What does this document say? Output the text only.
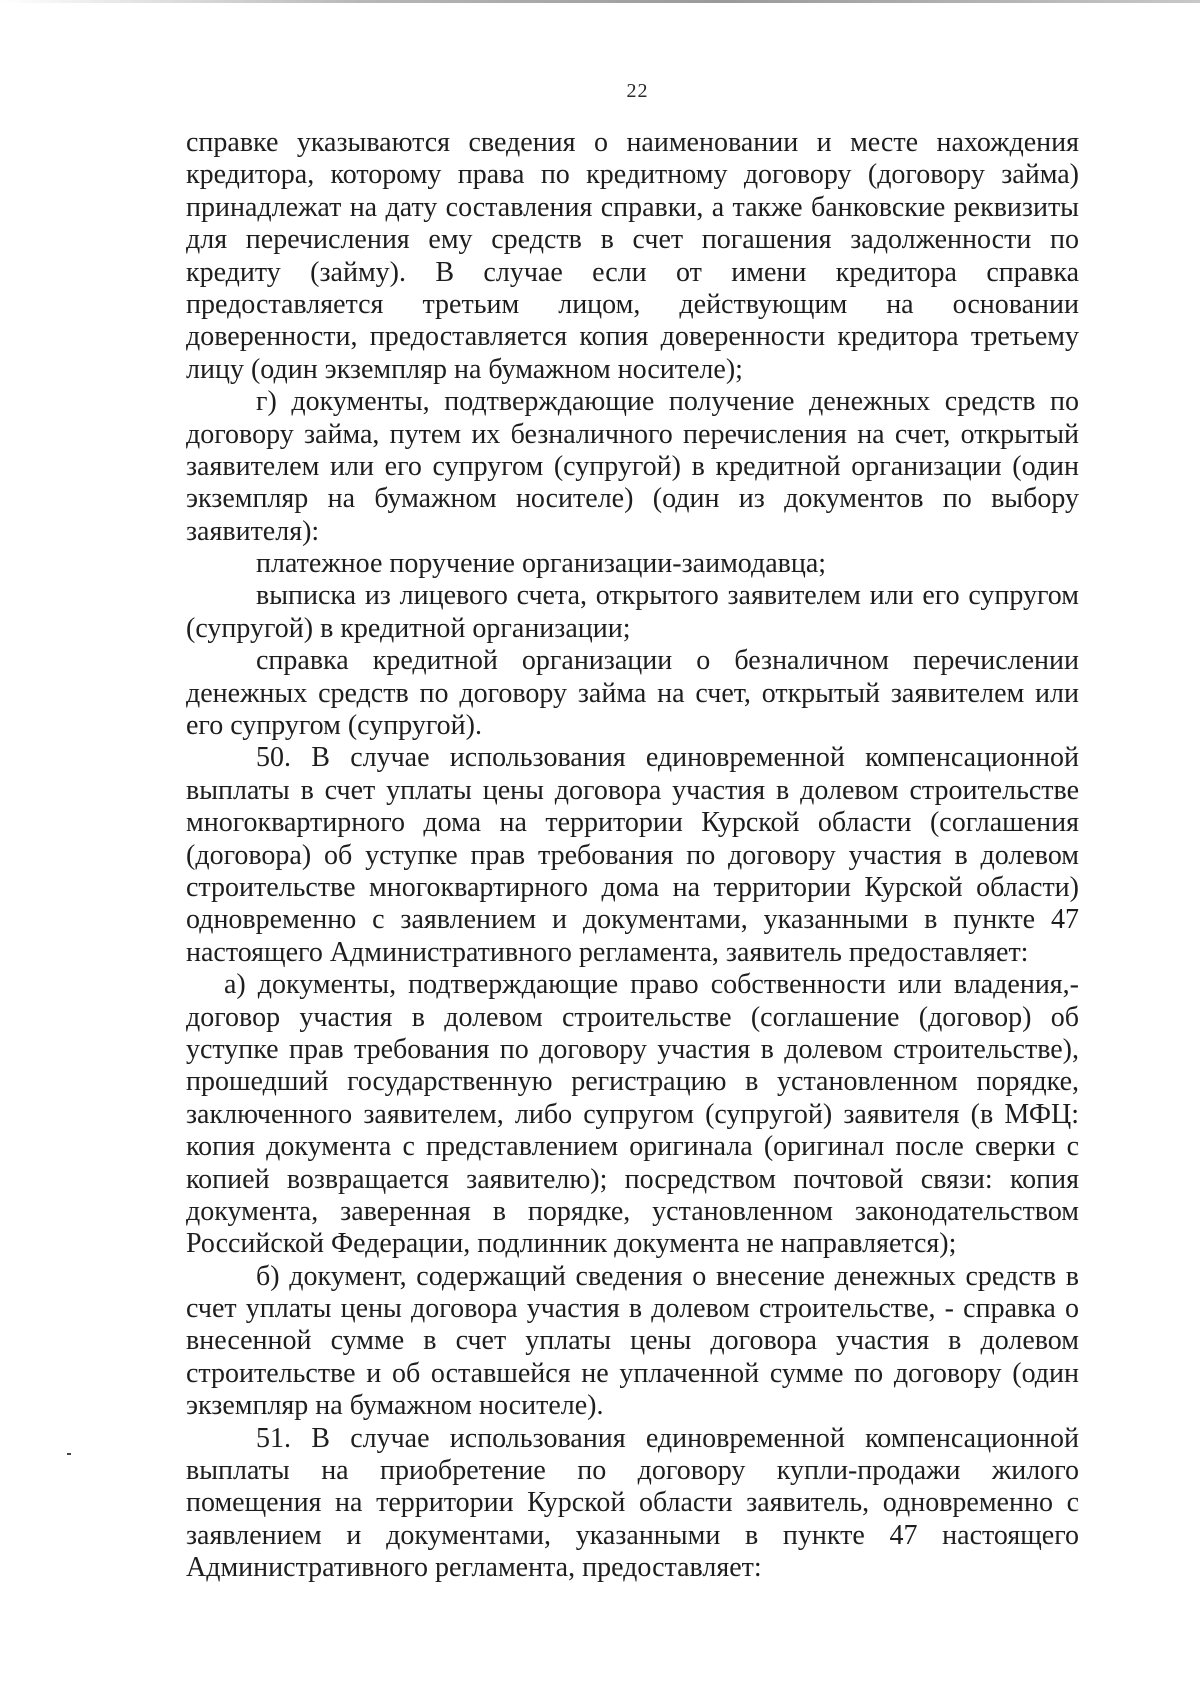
22
справке указываются сведения о наименовании и месте нахождения
кредитора, которому права по кредитному договору (договору займа)
принадлежат на дату составления справки, а также банковские реквизиты
для перечисления ему средств в счет погашения задолженности по
кредиту (займу). В случае если от имени кредитора справка
предоставляется третьим лицом, действующим на основании
доверенности, предоставляется копия доверенности кредитора третьему
лицу (один экземпляр на бумажном носителе);
г) документы, подтверждающие получение денежных средств по
договору займа, путем их безналичного перечисления на счет, открытый
заявителем или его супругом (супругой) в кредитной организации (один
экземпляр на бумажном носителе) (один из документов по выбору
заявителя):
платежное поручение организации-заимодавца;
выписка из лицевого счета, открытого заявителем или его супругом
(супругой) в кредитной организации;
справка кредитной организации о безналичном перечислении
денежных средств по договору займа на счет, открытый заявителем или
его супругом (супругой).
50. В случае использования единовременной компенсационной
выплаты в счет уплаты цены договора участия в долевом строительстве
многоквартирного дома на территории Курской области (соглашения
(договора) об уступке прав требования по договору участия в долевом
строительстве многоквартирного дома на территории Курской области)
одновременно с заявлением и документами, указанными в пункте 47
настоящего Административного регламента, заявитель предоставляет:
а) документы, подтверждающие право собственности или владения,-
договор участия в долевом строительстве (соглашение (договор) об
уступке прав требования по договору участия в долевом строительстве),
прошедший государственную регистрацию в установленном порядке,
заключенного заявителем, либо супругом (супругой) заявителя (в МФЦ:
копия документа с представлением оригинала (оригинал после сверки с
копией возвращается заявителю); посредством почтовой связи: копия
документа, заверенная в порядке, установленном законодательством
Российской Федерации, подлинник документа не направляется);
б) документ, содержащий сведения о внесение денежных средств в
счет уплаты цены договора участия в долевом строительстве, - справка о
внесенной сумме в счет уплаты цены договора участия в долевом
строительстве и об оставшейся не уплаченной сумме по договору (один
экземпляр на бумажном носителе).
51. В случае использования единовременной компенсационной
выплаты на приобретение по договору купли-продажи жилого
помещения на территории Курской области заявитель, одновременно с
заявлением и документами, указанными в пункте 47 настоящего
Административного регламента, предоставляет:
